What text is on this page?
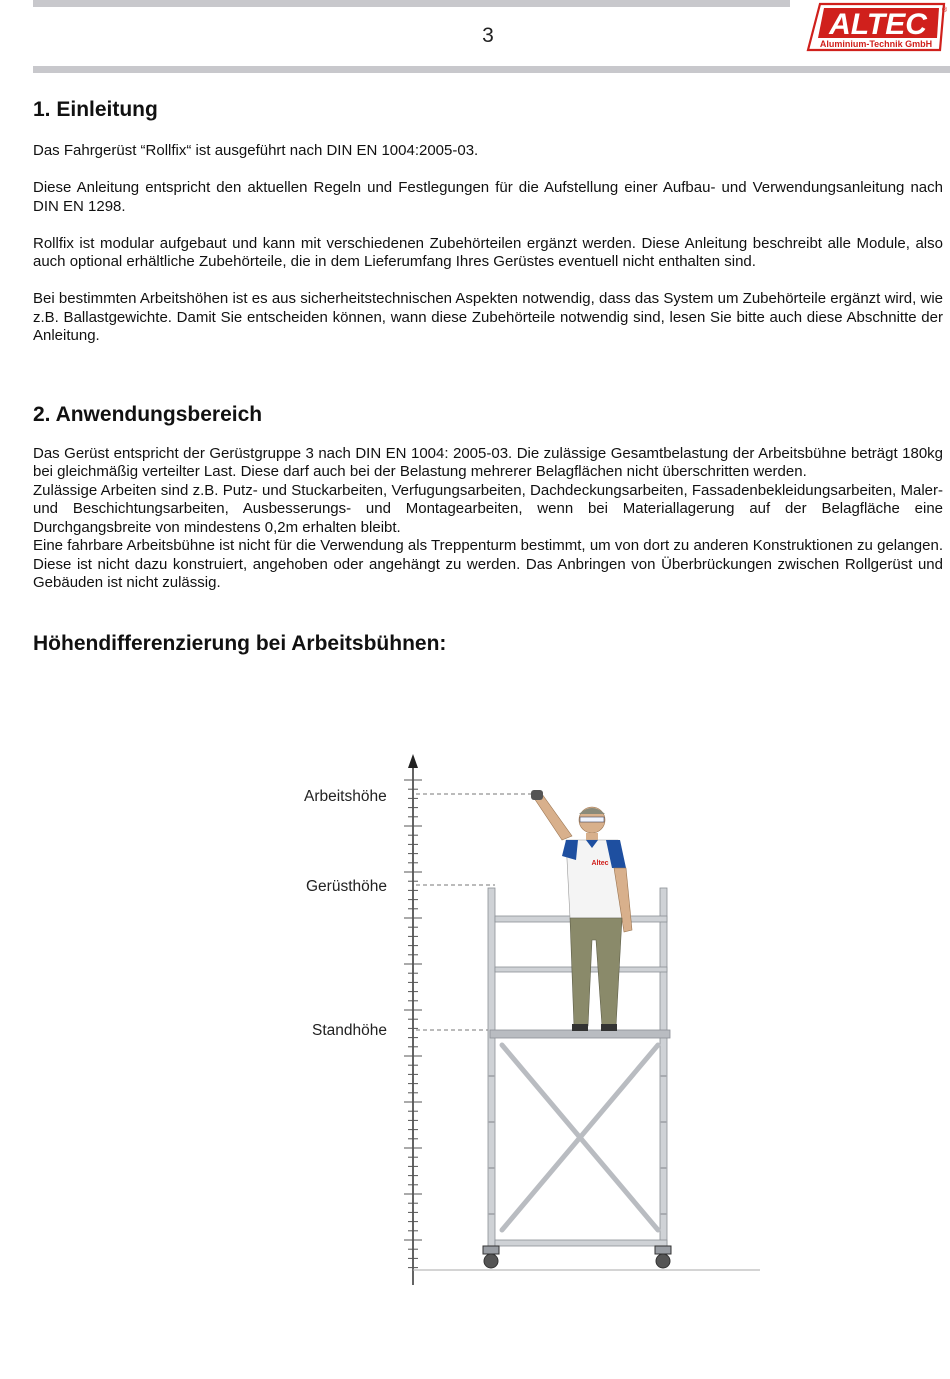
3	ALTEC ®
Aluminium-Technik GmbH
1. Einleitung

Das Fahrgerüst “Rollfix“ ist ausgeführt nach DIN EN 1004:2005-03.

Diese Anleitung entspricht den aktuellen Regeln und Festlegungen für die Aufstellung einer Aufbau- und Verwendungsanleitung nach DIN EN 1298.

Rollfix ist modular aufgebaut und kann mit verschiedenen Zubehörteilen ergänzt werden. Diese Anleitung beschreibt alle Module, also auch optional erhältliche Zubehörteile, die in dem Lieferumfang Ihres Gerüstes eventuell nicht enthalten sind.

Bei bestimmten Arbeitshöhen ist es aus sicherheitstechnischen Aspekten notwendig, dass das System um Zubehörteile ergänzt wird, wie z.B. Ballastgewichte. Damit Sie entscheiden können, wann diese Zubehörteile notwendig sind, lesen Sie bitte auch diese Abschnitte der Anleitung.

2. Anwendungsbereich

Das Gerüst entspricht der Gerüstgruppe 3 nach DIN EN 1004: 2005-03. Die zulässige Gesamtbelastung der Arbeitsbühne beträgt 180kg bei gleichmäßig verteilter Last. Diese darf auch bei der Belastung mehrerer Belagflächen nicht überschritten werden.

Zulässige Arbeiten sind z.B. Putz- und Stuckarbeiten, Verfugungsarbeiten, Dachdeckungsarbeiten, Fassadenbekleidungsarbeiten, Maler- und Beschichtungsarbeiten, Ausbesserungs- und Montagearbeiten, wenn bei Materiallagerung auf der Belagfläche eine Durchgangsbreite von mindestens 0,2m erhalten bleibt.

Eine fahrbare Arbeitsbühne ist nicht für die Verwendung als Treppenturm bestimmt, um von dort zu anderen Konstruktionen zu gelangen. Diese ist nicht dazu konstruiert, angehoben oder angehängt zu werden. Das Anbringen von Überbrückungen zwischen Rollgerüst und Gebäuden ist nicht zulässig.

Höhendifferenzierung bei Arbeitsbühnen:
Arbeitshöhe
Gerüsthöhe
Standhöhe
Altec
